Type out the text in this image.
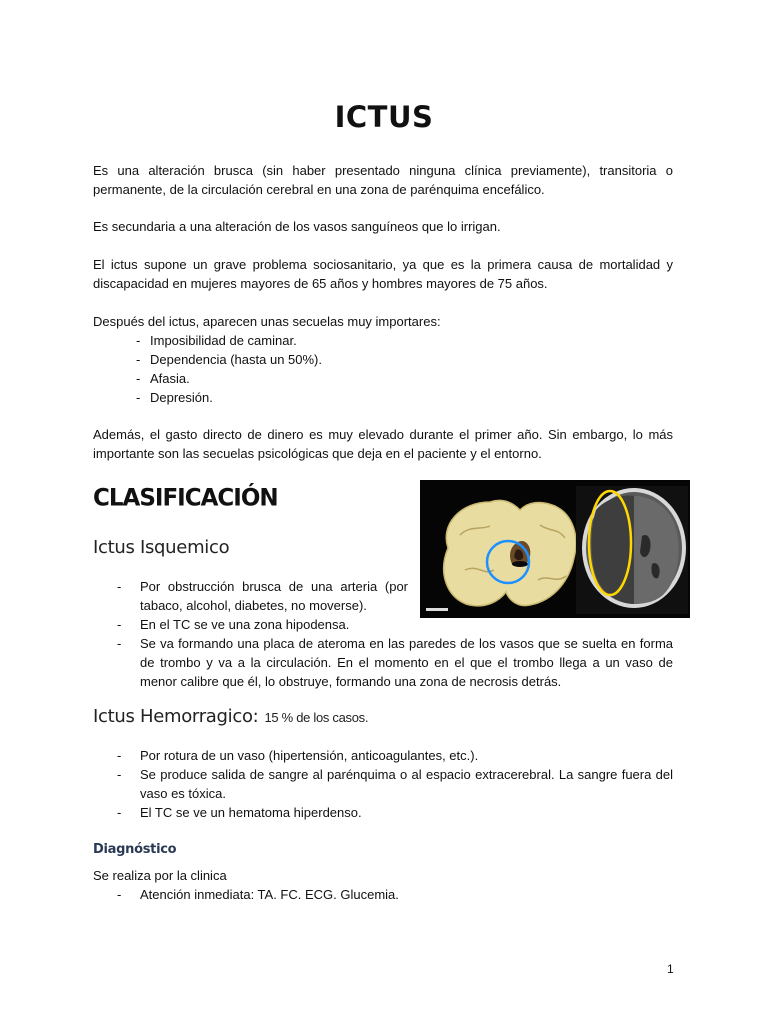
ICTUS
Es una alteración brusca (sin haber presentado ninguna clínica previamente), transitoria o permanente, de la circulación cerebral en una zona de parénquima encefálico.
Es secundaria a una alteración de los vasos sanguíneos que lo irrigan.
El ictus supone un grave problema sociosanitario, ya que es la primera causa de mortalidad y discapacidad en mujeres mayores de 65 años y hombres mayores de 75 años.
Después del ictus, aparecen unas secuelas muy importares:
- Imposibilidad de caminar.
- Dependencia (hasta un 50%).
- Afasia.
- Depresión.
Además, el gasto directo de dinero es muy elevado durante el primer año. Sin embargo, lo más importante son las secuelas psicológicas que deja en el paciente y el entorno.
CLASIFICACIÓN
Ictus Isquemico
- Por obstrucción brusca de una arteria (por tabaco, alcohol, diabetes, no moverse).
- En el TC se ve una zona hipodensa.
- Se va formando una placa de ateroma en las paredes de los vasos que se suelta en forma de trombo y va a la circulación. En el momento en el que el trombo llega a un vaso de menor calibre que él, lo obstruye, formando una zona de necrosis detrás.
Ictus Hemorragico: 15 % de los casos.
- Por rotura de un vaso (hipertensión, anticoagulantes, etc.).
- Se produce salida de sangre al parénquima o al espacio extracerebral. La sangre fuera del vaso es tóxica.
- El TC se ve un hematoma hiperdenso.
Diagnóstico
Se realiza por la clinica
- Atención inmediata: TA. FC. ECG. Glucemia.
1
